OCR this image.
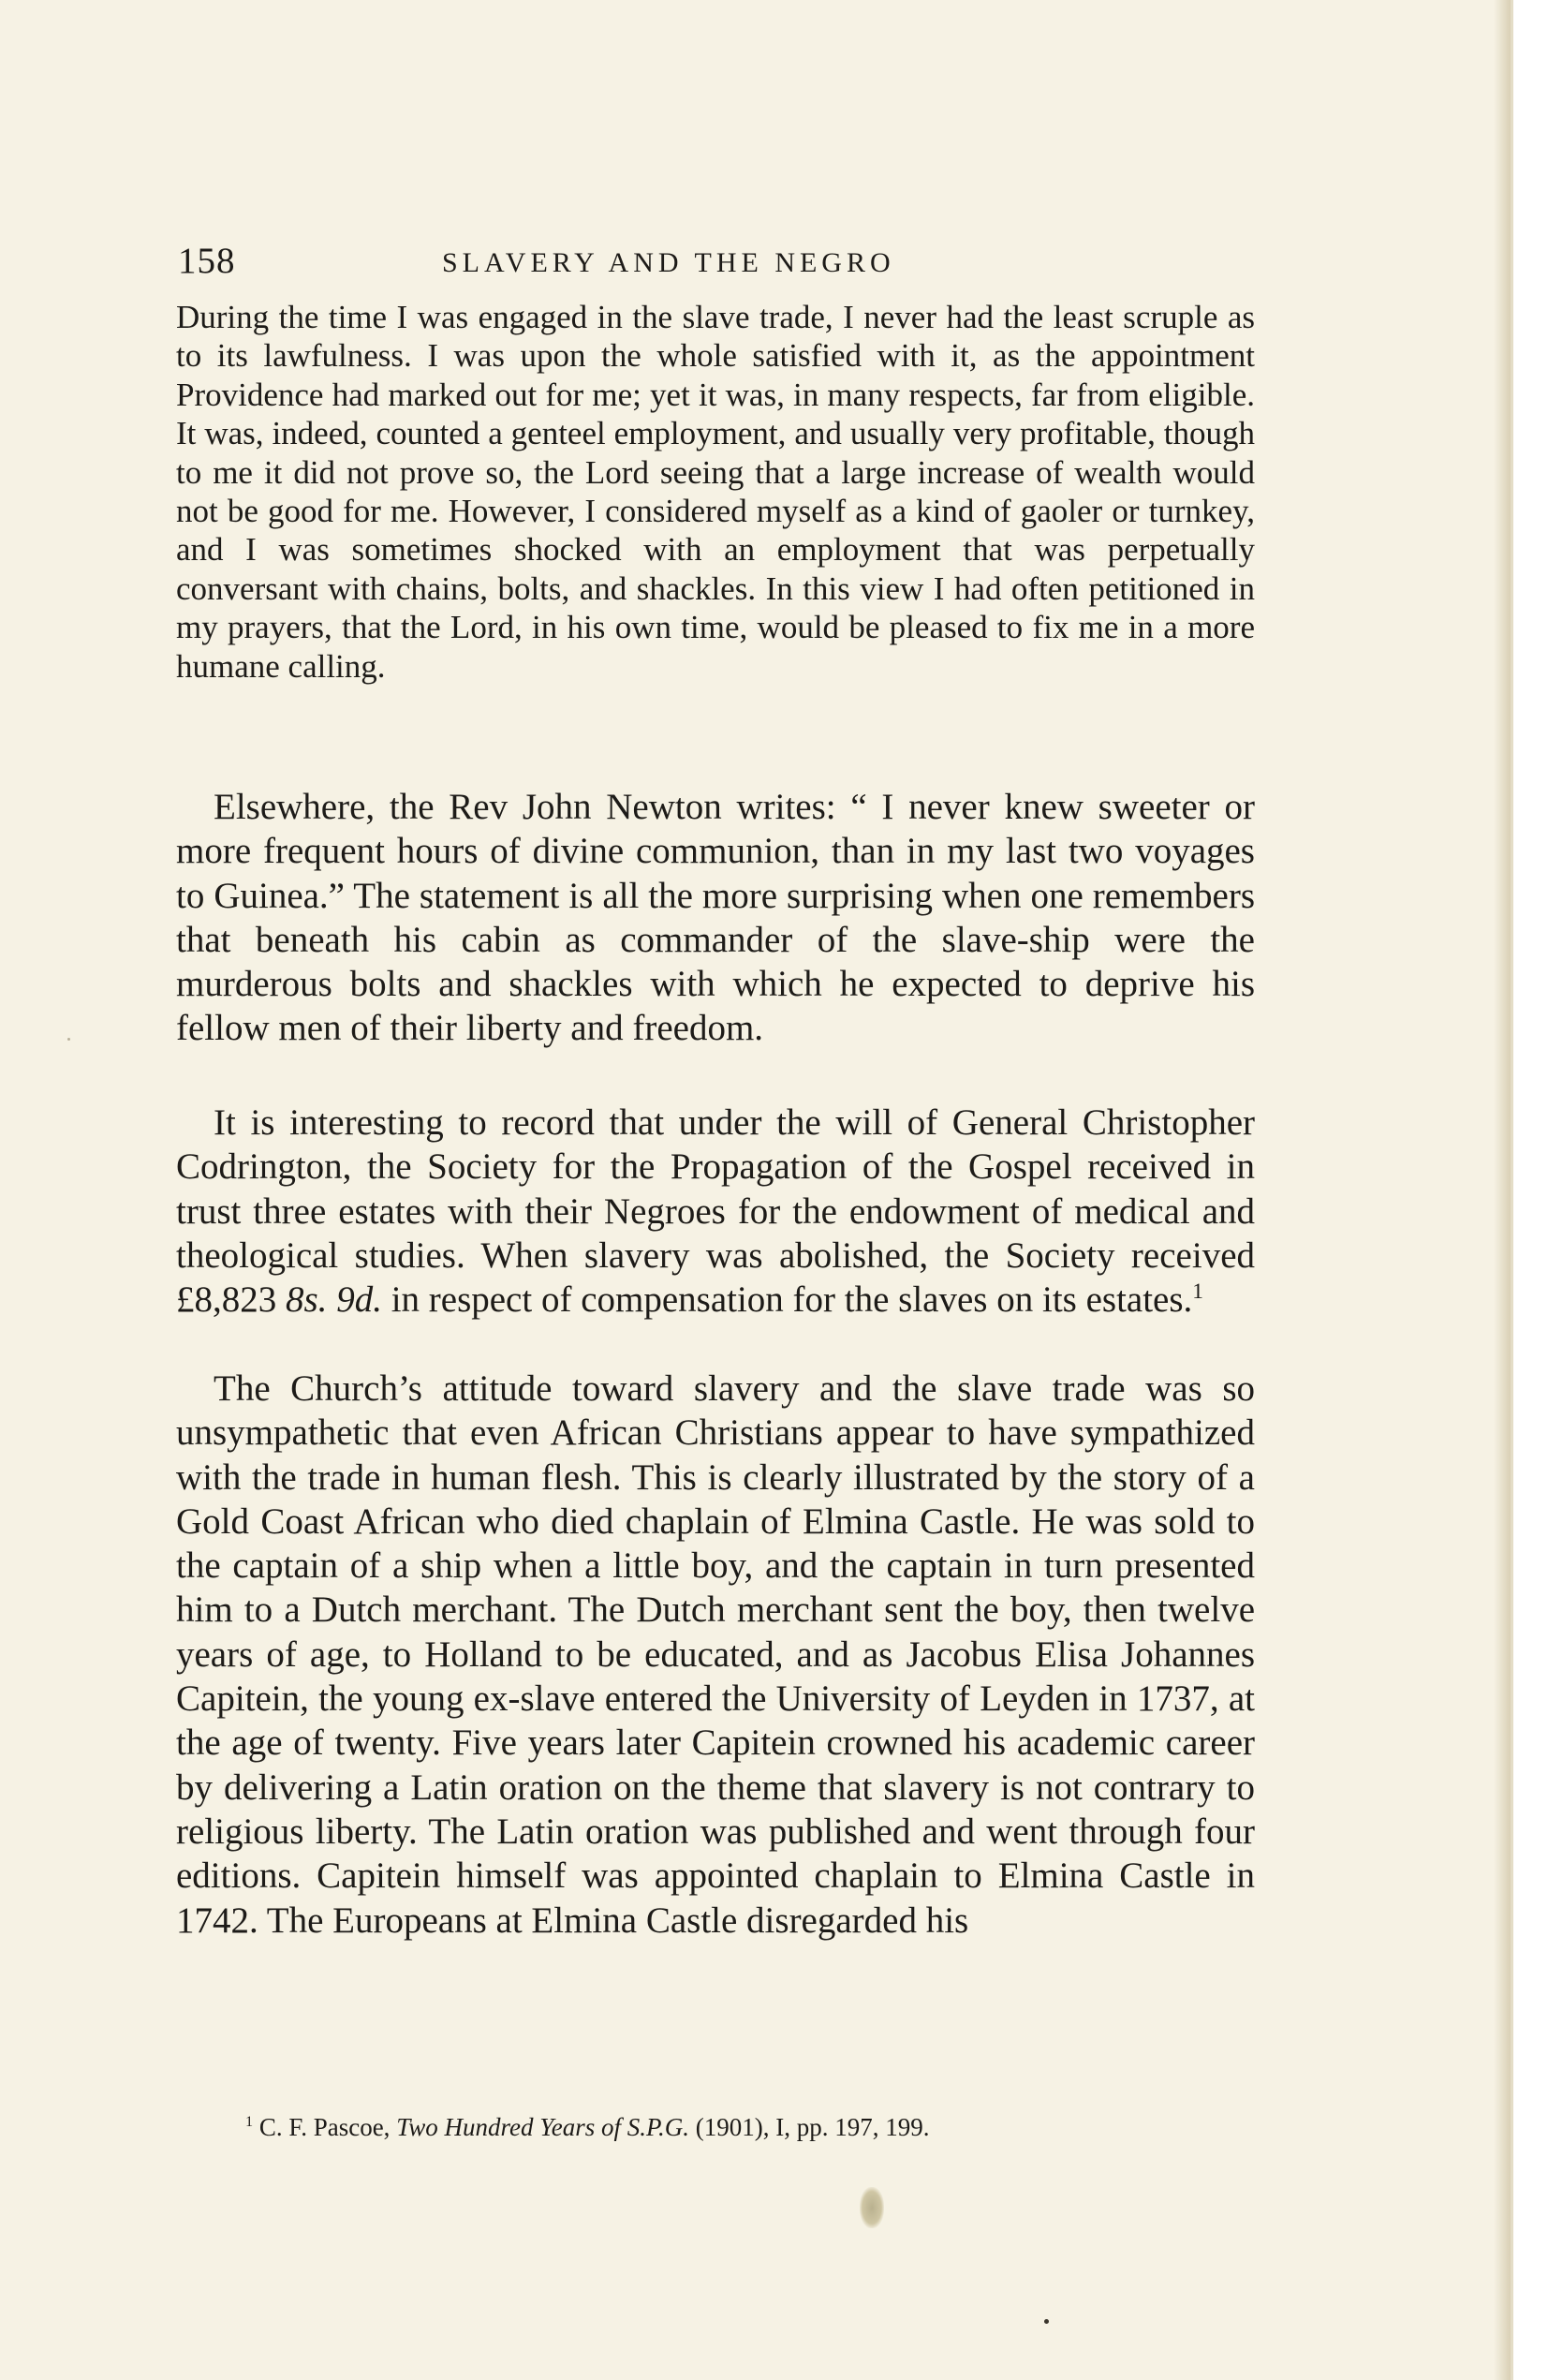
158	SLAVERY AND THE NEGRO

During the time I was engaged in the slave trade, I never had the least scruple as to its lawfulness. I was upon the whole satisfied with it, as the appointment Providence had marked out for me; yet it was, in many respects, far from eligible. It was, indeed, counted a genteel employment, and usually very profitable, though to me it did not prove so, the Lord seeing that a large increase of wealth would not be good for me. However, I considered myself as a kind of gaoler or turnkey, and I was sometimes shocked with an employment that was perpetually conversant with chains, bolts, and shackles. In this view I had often petitioned in my prayers, that the Lord, in his own time, would be pleased to fix me in a more humane calling.

Elsewhere, the Rev John Newton writes: “ I never knew sweeter or more frequent hours of divine communion, than in my last two voyages to Guinea.” The statement is all the more surprising when one remembers that beneath his cabin as commander of the slave-ship were the murderous bolts and shackles with which he expected to deprive his fellow men of their liberty and freedom.

It is interesting to record that under the will of General Christopher Codrington, the Society for the Propagation of the Gospel received in trust three estates with their Negroes for the endowment of medical and theological studies. When slavery was abolished, the Society received £8,823 8s. 9d. in respect of compensation for the slaves on its estates.$^1$

The Church’s attitude toward slavery and the slave trade was so unsympathetic that even African Christians appear to have sympathized with the trade in human flesh. This is clearly illustrated by the story of a Gold Coast African who died chaplain of Elmina Castle. He was sold to the captain of a ship when a little boy, and the captain in turn presented him to a Dutch merchant. The Dutch merchant sent the boy, then twelve years of age, to Holland to be educated, and as Jacobus Elisa Johannes Capitein, the young ex-slave entered the University of Leyden in 1737, at the age of twenty. Five years later Capitein crowned his academic career by delivering a Latin oration on the theme that slavery is not contrary to religious liberty. The Latin oration was published and went through four editions. Capitein himself was appointed chaplain to Elmina Castle in 1742. The Europeans at Elmina Castle disregarded his

$^1$ C. F. Pascoe, Two Hundred Years of S.P.G. (1901), I, pp. 197, 199.
